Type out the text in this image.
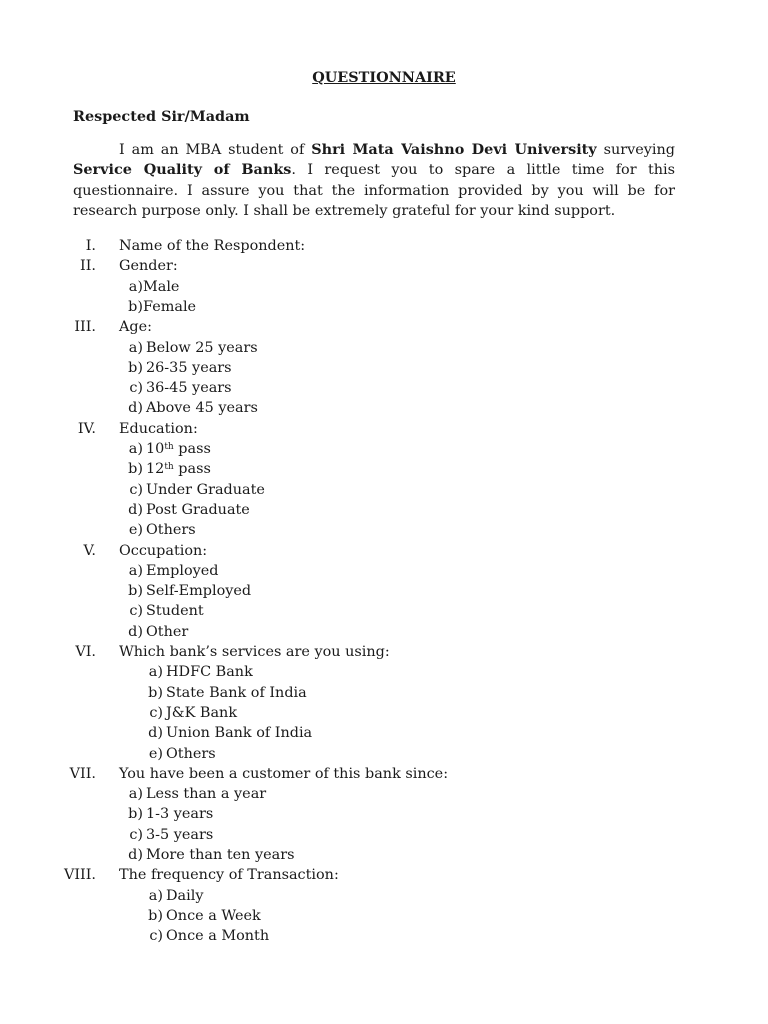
QUESTIONNAIRE
Respected Sir/Madam

I am an MBA student of Shri Mata Vaishno Devi University surveying Service Quality of Banks. I request you to spare a little time for this questionnaire. I assure you that the information provided by you will be for research purpose only. I shall be extremely grateful for your kind support.

I. Name of the Respondent:
II. Gender:
a) Male
b) Female
III. Age:
a) Below 25 years
b) 26-35 years
c) 36-45 years
d) Above 45 years
IV. Education:
a) 10th pass
b) 12th pass
c) Under Graduate
d) Post Graduate
e) Others
V. Occupation:
a) Employed
b) Self-Employed
c) Student
d) Other
VI. Which bank’s services are you using:
a) HDFC Bank
b) State Bank of India
c) J&K Bank
d) Union Bank of India
e) Others
VII. You have been a customer of this bank since:
a) Less than a year
b) 1-3 years
c) 3-5 years
d) More than ten years
VIII. The frequency of Transaction:
a) Daily
b) Once a Week
c) Once a Month
